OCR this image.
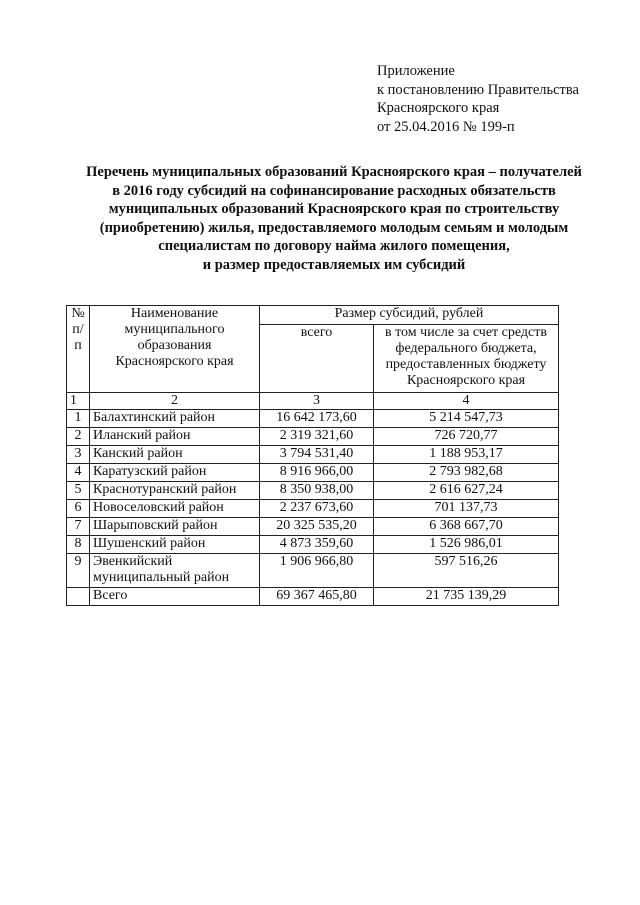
Приложение
к постановлению Правительства
Красноярского края
от 25.04.2016 № 199-п
Перечень муниципальных образований Красноярского края – получателей
в 2016 году субсидий на софинансирование расходных обязательств
муниципальных образований Красноярского края по строительству
(приобретению) жилья, предоставляемого молодым семьям и молодым
специалистам по договору найма жилого помещения,
и размер предоставляемых им субсидий
№ п/п	Наименование муниципального образования Красноярского края	Размер субсидий, рублей	
		всего	в том числе за счет средств федерального бюджета, предоставленных бюджету Красноярского края
1	2	3	4
1	Балахтинский район	16 642 173,60	5 214 547,73
2	Иланский район	2 319 321,60	726 720,77
3	Канский район	3 794 531,40	1 188 953,17
4	Каратузский район	8 916 966,00	2 793 982,68
5	Краснотуранский район	8 350 938,00	2 616 627,24
6	Новоселовский район	2 237 673,60	701 137,73
7	Шарыповский район	20 325 535,20	6 368 667,70
8	Шушенский район	4 873 359,60	1 526 986,01
9	Эвенкийский муниципальный район	1 906 966,80	597 516,26
	Всего	69 367 465,80	21 735 139,29
